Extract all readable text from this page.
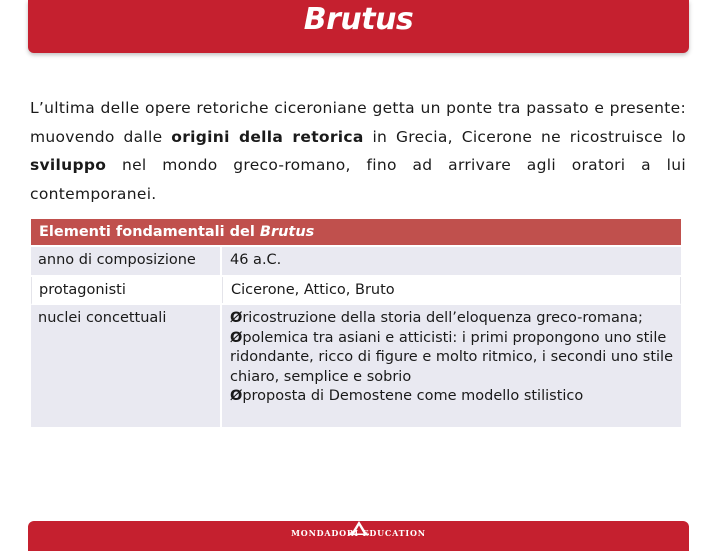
Brutus

L’ultima delle opere retoriche ciceroniane getta un ponte tra passato e presente: muovendo dalle origini della retorica in Grecia, Cicerone ne ricostruisce lo sviluppo nel mondo greco-romano, fino ad arrivare agli oratori a lui contemporanei.

Elementi fondamentali del Brutus
anno di composizione	46 a.C.
protagonisti	Cicerone, Attico, Bruto
nuclei concettuali	Øricostruzione della storia dell’eloquenza greco-romana;
Øpolemica tra asiani e atticisti: i primi propongono uno stile ridondante, ricco di figure e molto ritmico, i secondi uno stile chiaro, semplice e sobrio
Øproposta di Demostene come modello stilistico
MONDADORI EDUCATION
